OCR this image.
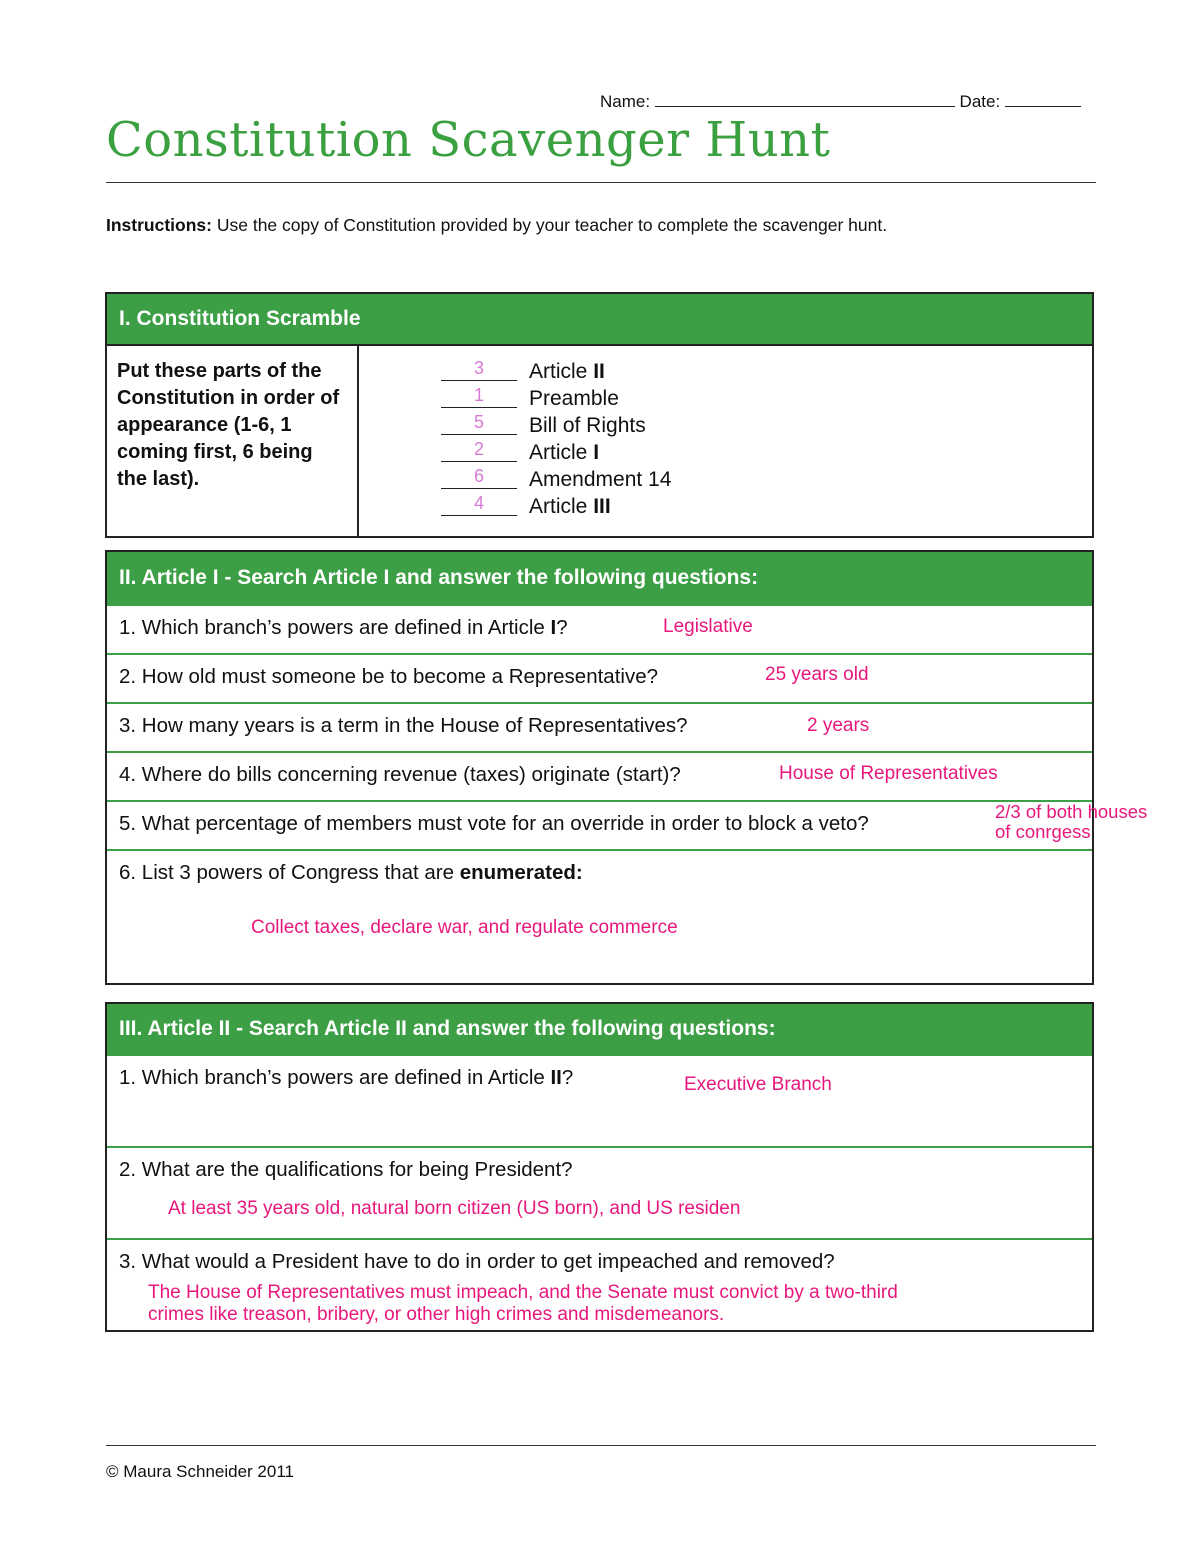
Name:	Date:
Constitution Scavenger Hunt
Instructions: Use the copy of Constitution provided by your teacher to complete the scavenger hunt.
I. Constitution Scramble
Put these parts of the Constitution in order of appearance (1-6, 1 coming first, 6 being the last).
3 Article II
1 Preamble
5 Bill of Rights
2 Article I
6 Amendment 14
4 Article III
II. Article I - Search Article I and answer the following questions:
1. Which branch’s powers are defined in Article I?	Legislative
2. How old must someone be to become a Representative?	25 years old
3. How many years is a term in the House of Representatives?	2 years
4. Where do bills concerning revenue (taxes) originate (start)?	House of Representatives
5. What percentage of members must vote for an override in order to block a veto?
2/3 of both houses
of conrgess
6. List 3 powers of Congress that are enumerated:
Collect taxes, declare war, and regulate commerce
III. Article II - Search Article II and answer the following questions:
1. Which branch’s powers are defined in Article II?	Executive Branch
2. What are the qualifications for being President?
At least 35 years old, natural born citizen (US born), and US residen
3. What would a President have to do in order to get impeached and removed?
The House of Representatives must impeach, and the Senate must convict by a two-third
crimes like treason, bribery, or other high crimes and misdemeanors.
© Maura Schneider 2011
